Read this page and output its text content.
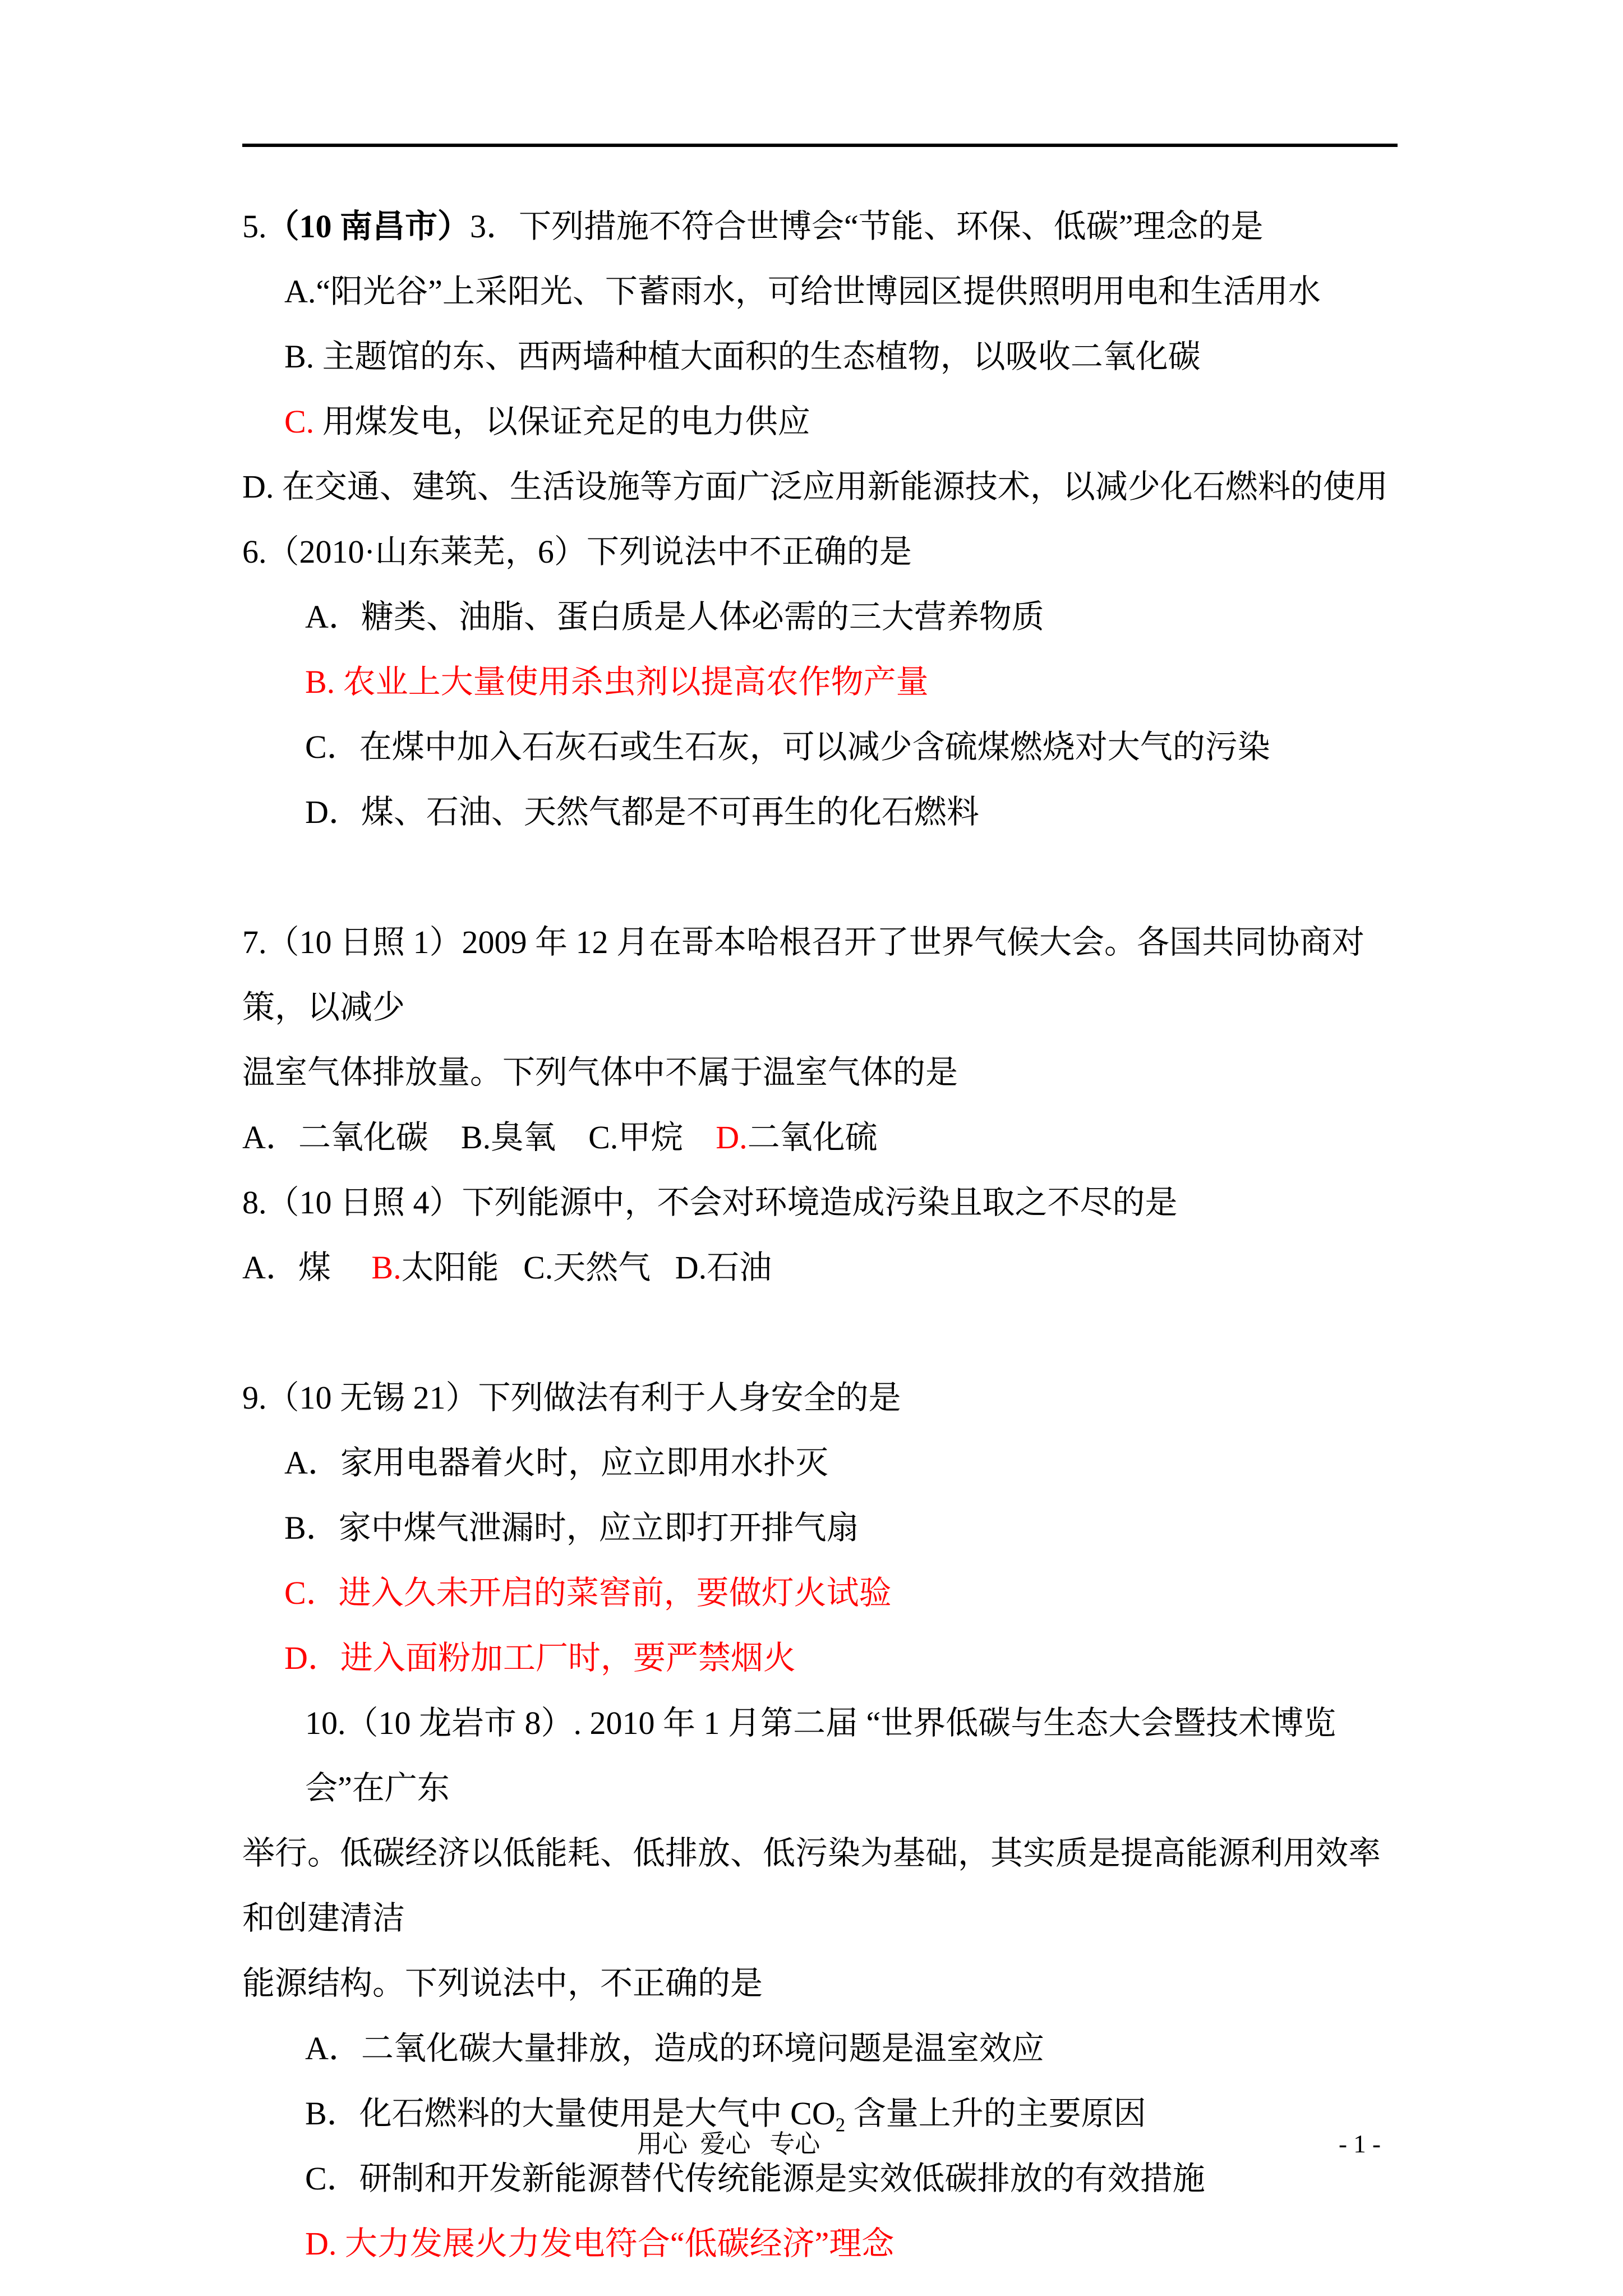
5.（10 南昌市）3．下列措施不符合世博会“节能、环保、低碳”理念的是

A.“阳光谷”上采阳光、下蓄雨水，可给世博园区提供照明用电和生活用水

B. 主题馆的东、西两墙种植大面积的生态植物，以吸收二氧化碳

C. 用煤发电，以保证充足的电力供应

D. 在交通、建筑、生活设施等方面广泛应用新能源技术，以减少化石燃料的使用

6.（2010·山东莱芜，6）下列说法中不正确的是

A．糖类、油脂、蛋白质是人体必需的三大营养物质

B. 农业上大量使用杀虫剂以提高农作物产量

C．在煤中加入石灰石或生石灰，可以减少含硫煤燃烧对大气的污染

D．煤、石油、天然气都是不可再生的化石燃料

7.（10 日照 1）2009 年 12 月在哥本哈根召开了世界气候大会。各国共同协商对策，以减少

温室气体排放量。下列气体中不属于温室气体的是

A．二氧化碳    B.臭氧    C.甲烷    D.二氧化硫

8.（10 日照 4）下列能源中，不会对环境造成污染且取之不尽的是

A．煤     B.太阳能   C.天然气   D.石油

9.（10 无锡 21）下列做法有利于人身安全的是

A．家用电器着火时，应立即用水扑灭

B．家中煤气泄漏时，应立即打开排气扇

C．进入久未开启的菜窖前，要做灯火试验

D．进入面粉加工厂时，要严禁烟火

10.（10 龙岩市 8）. 2010 年 1 月第二届 “世界低碳与生态大会暨技术博览会”在广东

举行。低碳经济以低能耗、低排放、低污染为基础，其实质是提高能源利用效率和创建清洁

能源结构。下列说法中，不正确的是

A．二氧化碳大量排放，造成的环境问题是温室效应

B．化石燃料的大量使用是大气中 $CO_2$ 含量上升的主要原因

C．研制和开发新能源替代传统能源是实效低碳排放的有效措施

D. 大力发展火力发电符合“低碳经济”理念

用心  爱心   专心	- 1 -
